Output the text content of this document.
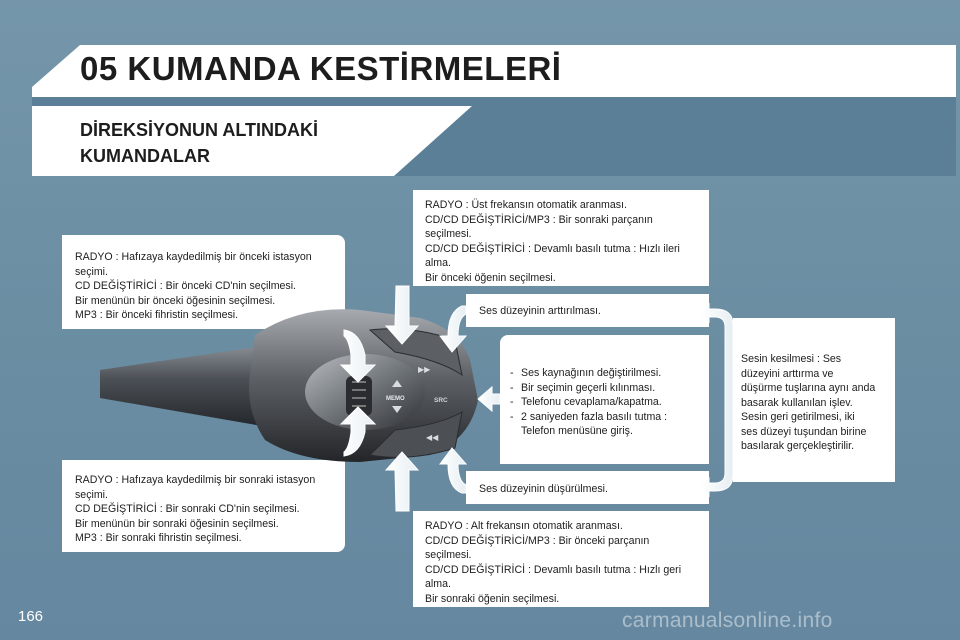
05 KUMANDA KESTİRMELERİ
DİREKSİYONUN ALTINDAKİ
KUMANDALAR
RADYO : Hafızaya kaydedilmiş bir önceki istasyon
seçimi.
CD DEĞİŞTİRİCİ : Bir önceki CD'nin seçilmesi.
Bir menünün bir önceki öğesinin seçilmesi.
MP3 : Bir önceki fihristin seçilmesi.
RADYO : Hafızaya kaydedilmiş bir sonraki istasyon
seçimi.
CD DEĞİŞTİRİCİ : Bir sonraki CD'nin seçilmesi.
Bir menünün bir sonraki öğesinin seçilmesi.
MP3 : Bir sonraki fihristin seçilmesi.
RADYO : Üst frekansın otomatik aranması.
CD/CD DEĞİŞTİRİCİ/MP3 : Bir sonraki parçanın
seçilmesi.
CD/CD DEĞİŞTİRİCİ : Devamlı basılı tutma : Hızlı ileri
alma.
Bir önceki öğenin seçilmesi.
Ses düzeyinin arttırılması.
- Ses kaynağının değiştirilmesi.
- Bir seçimin geçerli kılınması.
- Telefonu cevaplama/kapatma.
- 2 saniyeden fazla basılı tutma :
Telefon menüsüne giriş.
Sesin kesilmesi : Ses
düzeyini arttırma ve
düşürme tuşlarına aynı anda
basarak kullanılan işlev.
Sesin geri getirilmesi, iki
ses düzeyi tuşundan birine
basılarak gerçekleştirilir.
Ses düzeyinin düşürülmesi.
RADYO : Alt frekansın otomatik aranması.
CD/CD DEĞİŞTİRİCİ/MP3 : Bir önceki parçanın
seçilmesi.
CD/CD DEĞİŞTİRİCİ : Devamlı basılı tutma : Hızlı geri
alma.
Bir sonraki öğenin seçilmesi.
MEMO
▶▶
◀◀
SRC
166	carmanualsonline.info
